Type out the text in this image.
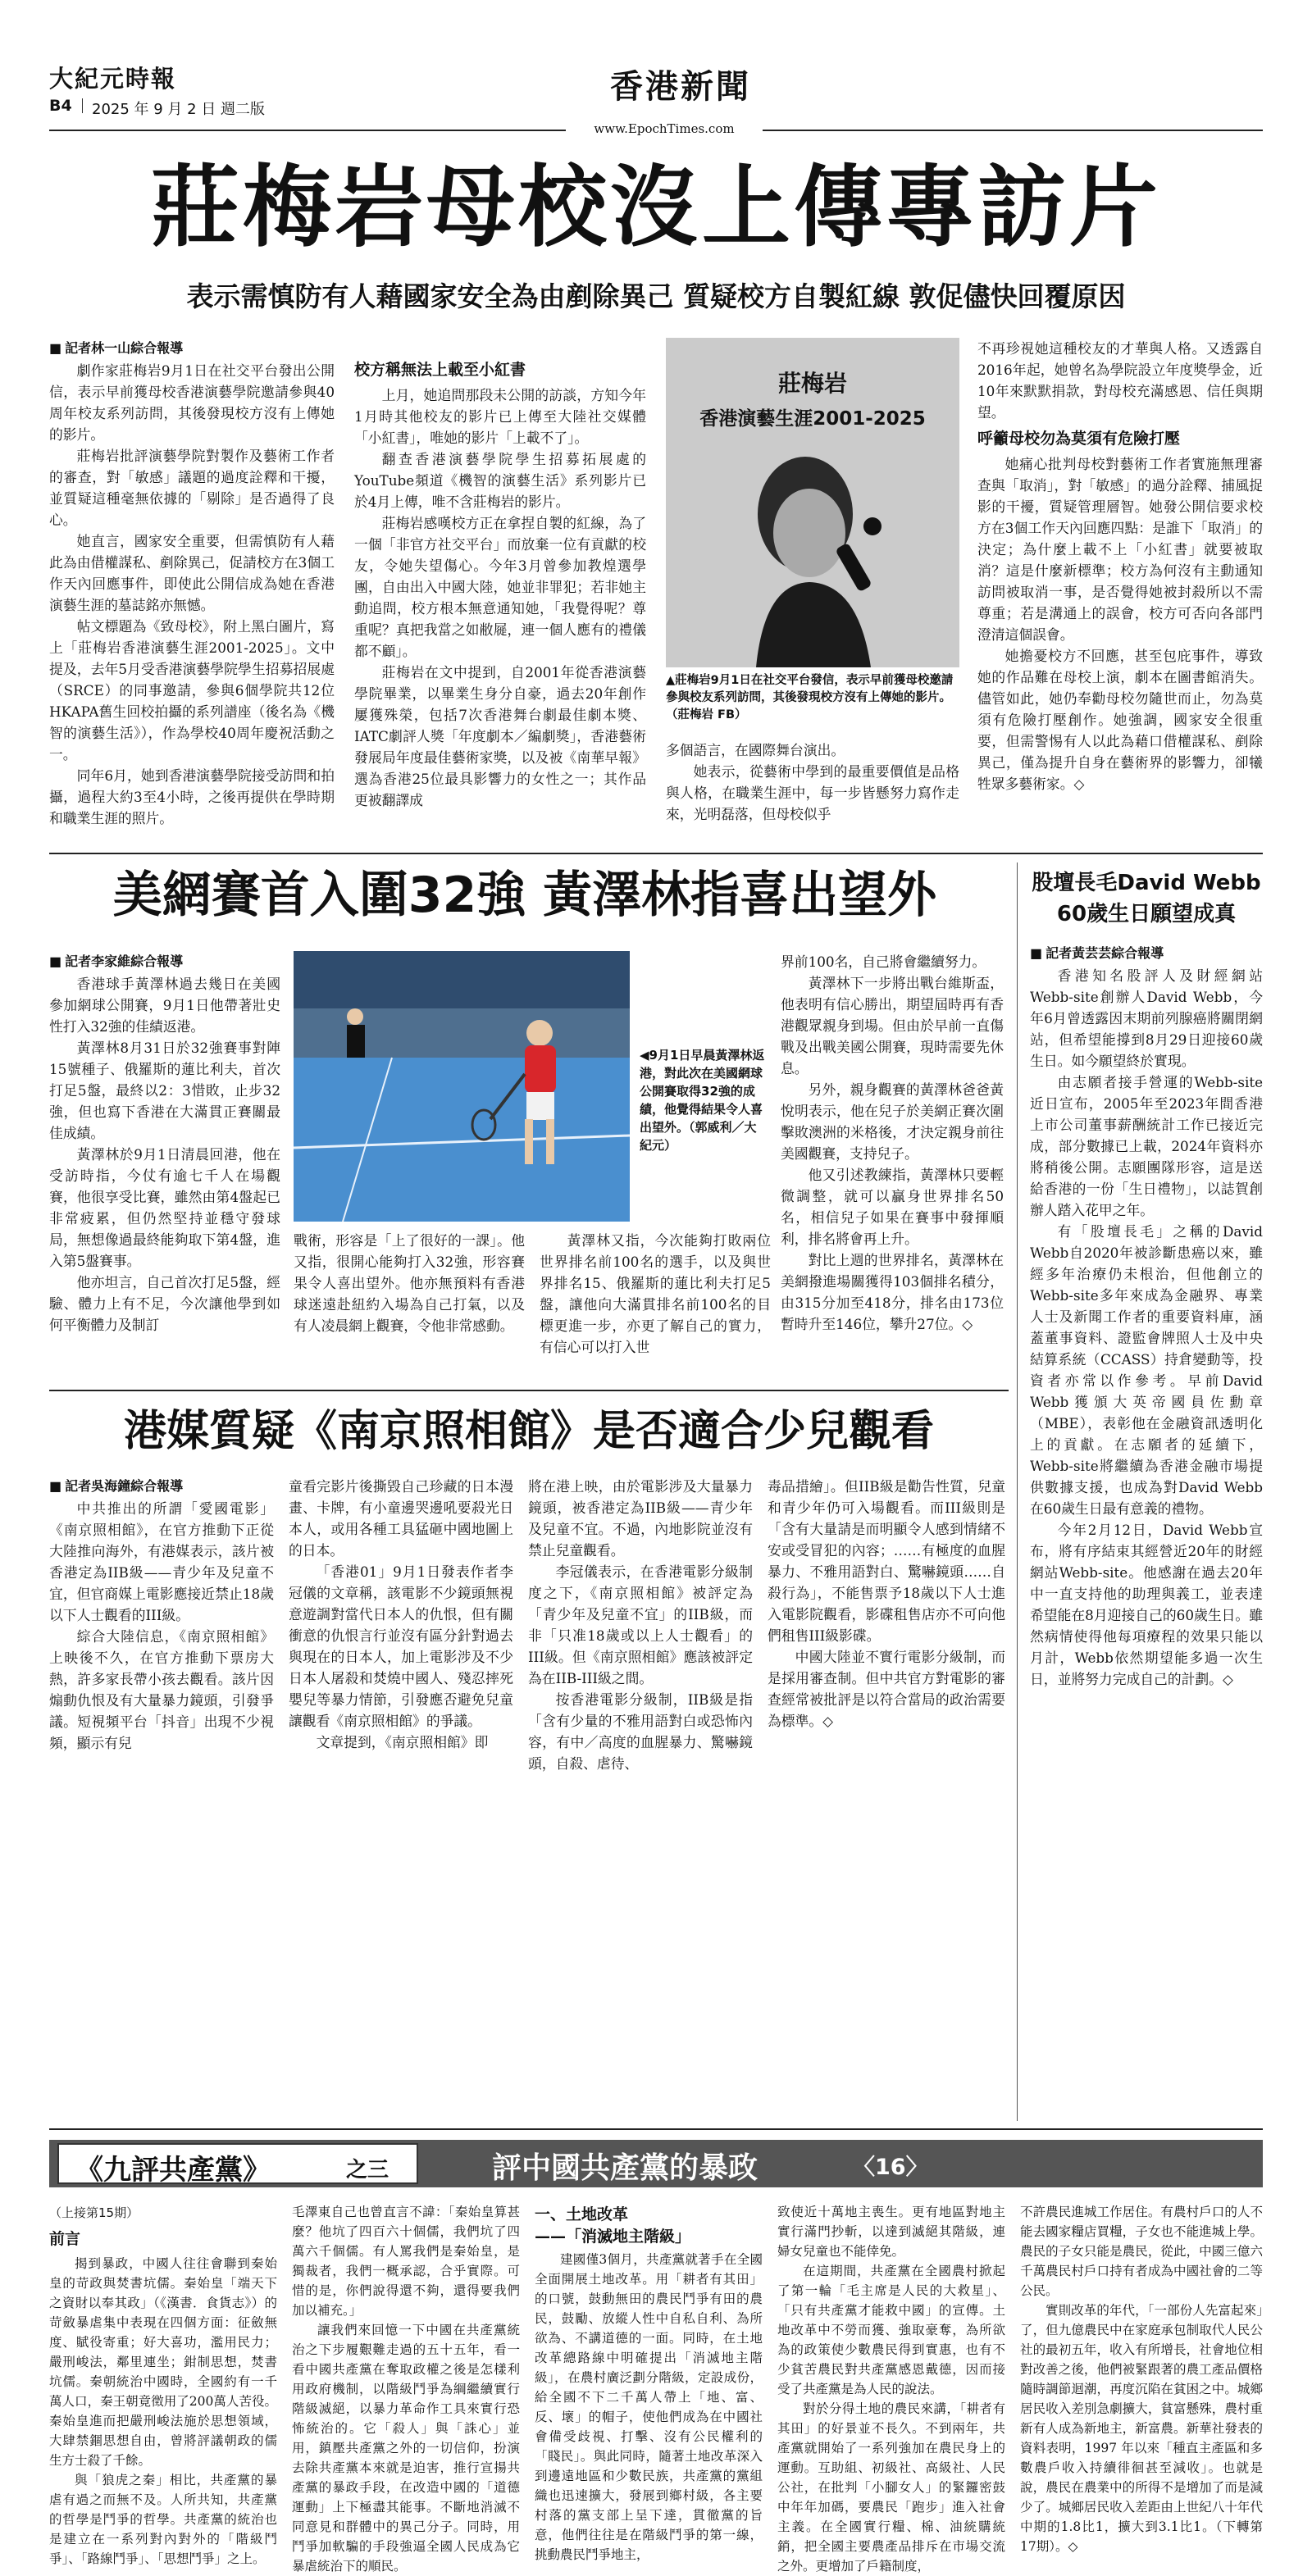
大紀元時報
B4 2025 年 9 月 2 日 週二版
香港新聞
www.EpochTimes.com
莊梅岩母校沒上傳專訪片
表示需慎防有人藉國家安全為由剷除異己 質疑校方自製紅線 敦促儘快回覆原因

■ 記者林一山綜合報導

劇作家莊梅岩9月1日在社交平台發出公開信，表示早前獲母校香港演藝學院邀請參與40周年校友系列訪問，其後發現校方沒有上傳她的影片。

莊梅岩批評演藝學院對製作及藝術工作者的審查，對「敏感」議題的過度詮釋和干擾，並質疑這種毫無依據的「剔除」是否過得了良心。

她直言，國家安全重要，但需慎防有人藉此為由借權謀私、剷除異己，促請校方在3個工作天內回應事件，即使此公開信成為她在香港演藝生涯的墓誌銘亦無憾。

帖文標題為《致母校》，附上黑白圖片，寫上「莊梅岩香港演藝生涯2001-2025」。文中提及，去年5月受香港演藝學院學生招募招展處（SRCE）的同事邀請，參與6個學院共12位HKAPA舊生回校拍攝的系列譜座（後名為《機智的演藝生活》），作為學校40周年慶祝活動之一。

同年6月，她到香港演藝學院接受訪問和拍攝，過程大約3至4小時，之後再提供在學時期和職業生涯的照片。

校方稱無法上載至小紅書

上月，她追問那段未公開的訪談，方知今年1月時其他校友的影片已上傳至大陸社交媒體「小紅書」，唯她的影片「上載不了」。

翻查香港演藝學院學生招募拓展處的YouTube頻道《機智的演藝生活》系列影片已於4月上傳，唯不含莊梅岩的影片。

莊梅岩感嘆校方正在拿捏自製的紅線，為了一個「非官方社交平台」而放棄一位有貢獻的校友，令她失望傷心。今年3月曾參加教煌選學團，自由出入中國大陸，她並非罪犯；若非她主動追問，校方根本無意通知她，「我覺得呢？尊重呢？真把我當之如敝屣，連一個人應有的禮儀都不顧」。

莊梅岩在文中提到，自2001年從香港演藝學院畢業，以畢業生身分自豪，過去20年創作屢獲殊榮，包括7次香港舞台劇最佳劇本獎、IATC劇評人獎「年度劇本／編劇獎」，香港藝術發展局年度最佳藝術家獎，以及被《南華早報》選為香港25位最具影響力的女性之一；其作品更被翻譯成

莊梅岩
香港演藝生涯2001-2025
▲莊梅岩9月1日在社交平台發信，表示早前獲母校邀請參與校友系列訪問，其後發現校方沒有上傳她的影片。（莊梅岩 FB）

多個語言，在國際舞台演出。

她表示，從藝術中學到的最重要價值是品格與人格，在職業生涯中，每一步皆懸努力寫作走來，光明磊落，但母校似乎

不再珍視她這種校友的才華與人格。又透露自2016年起，她曾名為學院設立年度獎學金，近10年來默默捐款，對母校充滿感恩、信任與期望。

呼籲母校勿為莫須有危險打壓

她痛心批判母校對藝術工作者實施無理審查與「取消」，對「敏感」的過分詮釋、捕風捉影的干擾，質疑管理層智。她發公開信要求校方在3個工作天內回應四點：是誰下「取消」的決定；為什麼上載不上「小紅書」就要被取消？這是什麼新標準；校方為何沒有主動通知訪問被取消一事，是否覺得她被封殺所以不需尊重；若是溝通上的誤會，校方可否向各部門澄清這個誤會。

她擔憂校方不回應，甚至包庇事件，導致她的作品難在母校上演，劇本在圖書館消失。儘管如此，她仍奉勸母校勿隨世而止，勿為莫須有危險打壓創作。她強調，國家安全很重要，但需警惕有人以此為藉口借權謀私、剷除異己，僅為提升自身在藝術界的影響力，卻犧牲眾多藝術家。◇

美網賽首入圍32強 黃澤林指喜出望外

■ 記者李家維綜合報導

香港球手黃澤林過去幾日在美國參加網球公開賽，9月1日他帶著壯史性打入32強的佳績返港。

黃澤林8月31日於32強賽事對陣15號種子、俄羅斯的蓮比利夫，首次打足5盤，最終以2：3惜敗，止步32強，但也寫下香港在大滿貫正賽關最佳成績。

黃澤林於9月1日清晨回港，他在受訪時指，今仗有逾七千人在場觀賽，他很享受比賽，雖然由第4盤起已非常疲累，但仍然堅持並穩守發球局，無想像過最終能夠取下第4盤，進入第5盤賽事。

他亦坦言，自己首次打足5盤，經驗、體力上有不足，今次讓他學到如何平衡體力及制訂

◀9月1日早晨黃澤林返港，對此次在美國網球公開賽取得32強的成績，他覺得結果令人喜出望外。（郭威利／大紀元）

戰術，形容是「上了很好的一課」。他又指，很開心能夠打入32強，形容賽果令人喜出望外。他亦無預料有香港球迷遠赴紐約入場為自己打氣，以及有人凌晨網上觀賽，令他非常感動。

黃澤林又指，今次能夠打敗兩位世界排名前100名的選手，以及與世界排名15、俄羅斯的蓮比利夫打足5盤，讓他向大滿貫排名前100名的目標更進一步，亦更了解自己的實力，有信心可以打入世

界前100名，自己將會繼續努力。

黃澤林下一步將出戰台維斯盃，他表明有信心勝出，期望屆時再有香港觀眾親身到場。但由於早前一直傷戰及出戰美國公開賽，現時需要先休息。

另外，親身觀賽的黃澤林爸爸黃悅明表示，他在兒子於美網正賽次圍擊敗澳洲的米格後，才決定親身前往美國觀賽，支持兒子。

他又引述教練指，黃澤林只要輕微調整，就可以贏身世界排名50名，相信兒子如果在賽事中發揮順利，排名將會再上升。

對比上週的世界排名，黃澤林在美網撥進場關獲得103個排名積分，由315分加至418分，排名由173位暫時升至146位，攀升27位。◇

股壇長毛David Webb
60歲生日願望成真

■ 記者黃芸芸綜合報導

香港知名股評人及財經網站Webb-site創辦人David Webb，今年6月曾透露因末期前列腺癌將關閉網站，但希望能撐到8月29日迎接60歲生日。如今願望終於實現。

由志願者接手營運的Webb-site近日宣布，2005年至2023年間香港上市公司董事薪酬統計工作已接近完成，部分數據已上載，2024年資料亦將稍後公開。志願團隊形容，這是送給香港的一份「生日禮物」，以誌賀創辦人踏入花甲之年。

有「股壇長毛」之稱的David Webb自2020年被診斷患癌以來，雖經多年治療仍未根治，但他創立的Webb-site多年來成為金融界、專業人士及新聞工作者的重要資料庫，涵蓋董事資料、證監會牌照人士及中央結算系統（CCASS）持倉變動等，投資者亦常以作參考。早前David Webb獲頒大英帝國員佐勳章（MBE），表彰他在金融資訊透明化上的貢獻。在志願者的延續下，Webb-site將繼續為香港金融市場提供數據支援，也成為對David Webb在60歲生日最有意義的禮物。

今年2月12日，David Webb宣布，將有序結束其經營近20年的財經網站Webb-site。他感謝在過去20年中一直支持他的助理與義工，並表達希望能在8月迎接自己的60歲生日。雖然病情使得他每項療程的效果只能以月計，Webb依然期望能多過一次生日，並將努力完成自己的計劃。◇

港媒質疑《南京照相館》是否適合少兒觀看

■ 記者吳海鐘綜合報導

中共推出的所謂「愛國電影」《南京照相館》，在官方推動下正從大陸推向海外，有港媒表示，該片被香港定為IIB級——青少年及兒童不宜，但官商媒上電影應接近禁止18歲以下人士觀看的III級。

綜合大陸信息，《南京照相館》上映後不久，在官方推動下票房大熱，許多家長帶小孩去觀看。該片因煽動仇恨及有大量暴力鏡頭，引發爭議。短視頻平台「抖音」出現不少視頻，顯示有兒

童看完影片後撕毀自己珍藏的日本漫畫、卡牌，有小童邊哭邊吼要殺光日本人，或用各種工具猛砸中國地圖上的日本。

「香港01」9月1日發表作者李冠儀的文章稱，該電影不少鏡頭無視意遊調對當代日本人的仇恨，但有關衝意的仇恨言行並沒有區分針對過去與現在的日本人，加上電影涉及不少日本人屠殺和焚燒中國人、殘忍摔死嬰兒等暴力情節，引發應否避免兒童讓觀看《南京照相館》的爭議。

文章提到，《南京照相館》即

將在港上映，由於電影涉及大量暴力鏡頭，被香港定為IIB級——青少年及兒童不宜。不過，內地影院並沒有禁止兒童觀看。

李冠儀表示，在香港電影分級制度之下，《南京照相館》被評定為「青少年及兒童不宜」的IIB級，而非「只准18歲或以上人士觀看」的III級。但《南京照相館》應該被評定為在IIB-III級之間。

按香港電影分級制，IIB級是指「含有少量的不雅用語對白或恐怖內容，有中／高度的血腥暴力、驚嚇鏡頭，自殺、虐待、

毒品措繪」。但IIB級是勸告性質，兒童和青少年仍可入場觀看。而III級則是「含有大量請是而明顯令人感到情緒不安或受冒犯的內容；……有極度的血腥暴力、不雅用語對白、驚嚇鏡頭……自殺行為」，不能售票予18歲以下人士進入電影院觀看，影碟租售店亦不可向他們租售III級影碟。

中國大陸並不實行電影分級制，而是採用審查制。但中共官方對電影的審查經常被批評是以符合當局的政治需要為標準。◇

《九評共產黨》	之三	評中國共產黨的暴政	〈16〉

（上接第15期）

前言

揭到暴政，中國人往往會聯到秦始皇的苛政與焚書坑儒。秦始皇「端天下之資財以奉其政」（《漢書．食貨志》）的苛斂暴虐集中表現在四個方面：征斂無度、賦役寄重；好大喜功，濫用民力；嚴刑峻法，鄰里連坐；鉗制思想，焚書坑儒。秦朝統治中國時，全國約有一千萬人口，秦王朝竟徵用了200萬人苦役。秦始皇進而把嚴刑峻法施於思想領域，大肆禁錮思想自由，曾將評議朝政的儒生方士殺了千餘。

與「狼虎之秦」相比，共產黨的暴虐有過之而無不及。人所共知，共產黨的哲學是鬥爭的哲學。共產黨的統治也是建立在一系列對內對外的「階級鬥爭」、「路線鬥爭」、「思想鬥爭」之上。

毛澤東自己也曾直言不諱：「秦始皇算甚麼？他坑了四百六十個儒，我們坑了四萬六千個儒。有人罵我們是秦始皇，是獨裁者，我們一概承認，合乎實際。可惜的是，你們說得還不夠，還得要我們加以補充。」

讓我們來回憶一下中國在共產黨統治之下步履艱難走過的五十五年，看一看中國共產黨在奪取政權之後是怎樣利用政府機制，以階級鬥爭為綱繼續實行階級滅絕，以暴力革命作工具來實行恐怖統治的。它「殺人」與「誅心」並用，鎮壓共產黨之外的一切信仰，扮演去除共產黨本來就是迫害，推行宣揚共產黨的暴政手段，在改造中國的「道德運動」上下極盡其能事。不斷地消滅不同意見和群體中的異己分子。同時，用鬥爭加軟騙的手段強逼全國人民成為它暴虐統治下的順民。

一、土地改革

——「消滅地主階級」

建國僅3個月，共產黨就著手在全國全面開展土地改革。用「耕者有其田」的口號，鼓動無田的農民鬥爭有田的農民，鼓勵、放縱人性中自私自利、為所欲為、不講道德的一面。同時，在土地改革總路線中明確提出「消滅地主階級」，在農村廣泛劃分階級，定設成份，給全國不下二千萬人帶上「地、富、反、壞」的帽子，使他們成為在中國社會備受歧視、打擊、沒有公民權利的「賤民」。與此同時，隨著土地改革深入到邊遠地區和少數民族，共產黨的黨組織也迅速擴大，發展到鄉村級，各主要村落的黨支部上呈下達，貫徹黨的旨意，他們往往是在階級鬥爭的第一線，挑動農民鬥爭地主，

致使近十萬地主喪生。更有地區對地主實行滿門抄斬，以達到滅絕其階級，連婦女兒童也不能倖免。

在這期間，共產黨在全國農村掀起了第一輪「毛主席是人民的大救星」、「只有共產黨才能救中國」的宣傳。土地改革中不勞而獲、強取豪奪，為所欲為的政策使少數農民得到實惠，也有不少貧苦農民對共產黨感恩戴德，因而接受了共產黨是為人民的說法。

對於分得土地的農民來講，「耕者有其田」的好景並不長久。不到兩年，共產黨就開始了一系列強加在農民身上的運動。互助組、初級社、高級社、人民公社，在批判「小腳女人」的緊鑼密鼓中年年加碼，要農民「跑步」進入社會主義。在全國實行糧、棉、油統購統銷，把全國主要農產品排斥在市場交流之外。更增加了戶籍制度，

不許農民進城工作居住。有農村戶口的人不能去國家糧店買糧，子女也不能進城上學。農民的子女只能是農民，從此，中國三億六千萬農民村戶口持有者成為中國社會的二等公民。

實則改革的年代，「一部份人先富起來」了，但九億農民中在家庭承包制取代人民公社的最初五年，收入有所增長，社會地位相對改善之後，他們被緊跟著的農工產品價格隨時調節迴潮，再度沉陷在貧困之中。城鄉居民收入差別急劇擴大，貧富懸殊，農村重新有人成為新地主，新富農。新華社發表的資料表明，1997 年以來「種直主產區和多數農戶收入持續徘徊甚至減收」。也就是說，農民在農業中的所得不是增加了而是減少了。城鄉居民收入差距由上世紀八十年代中期的1.8比1，擴大到3.1比1。（下轉第17期）。◇
